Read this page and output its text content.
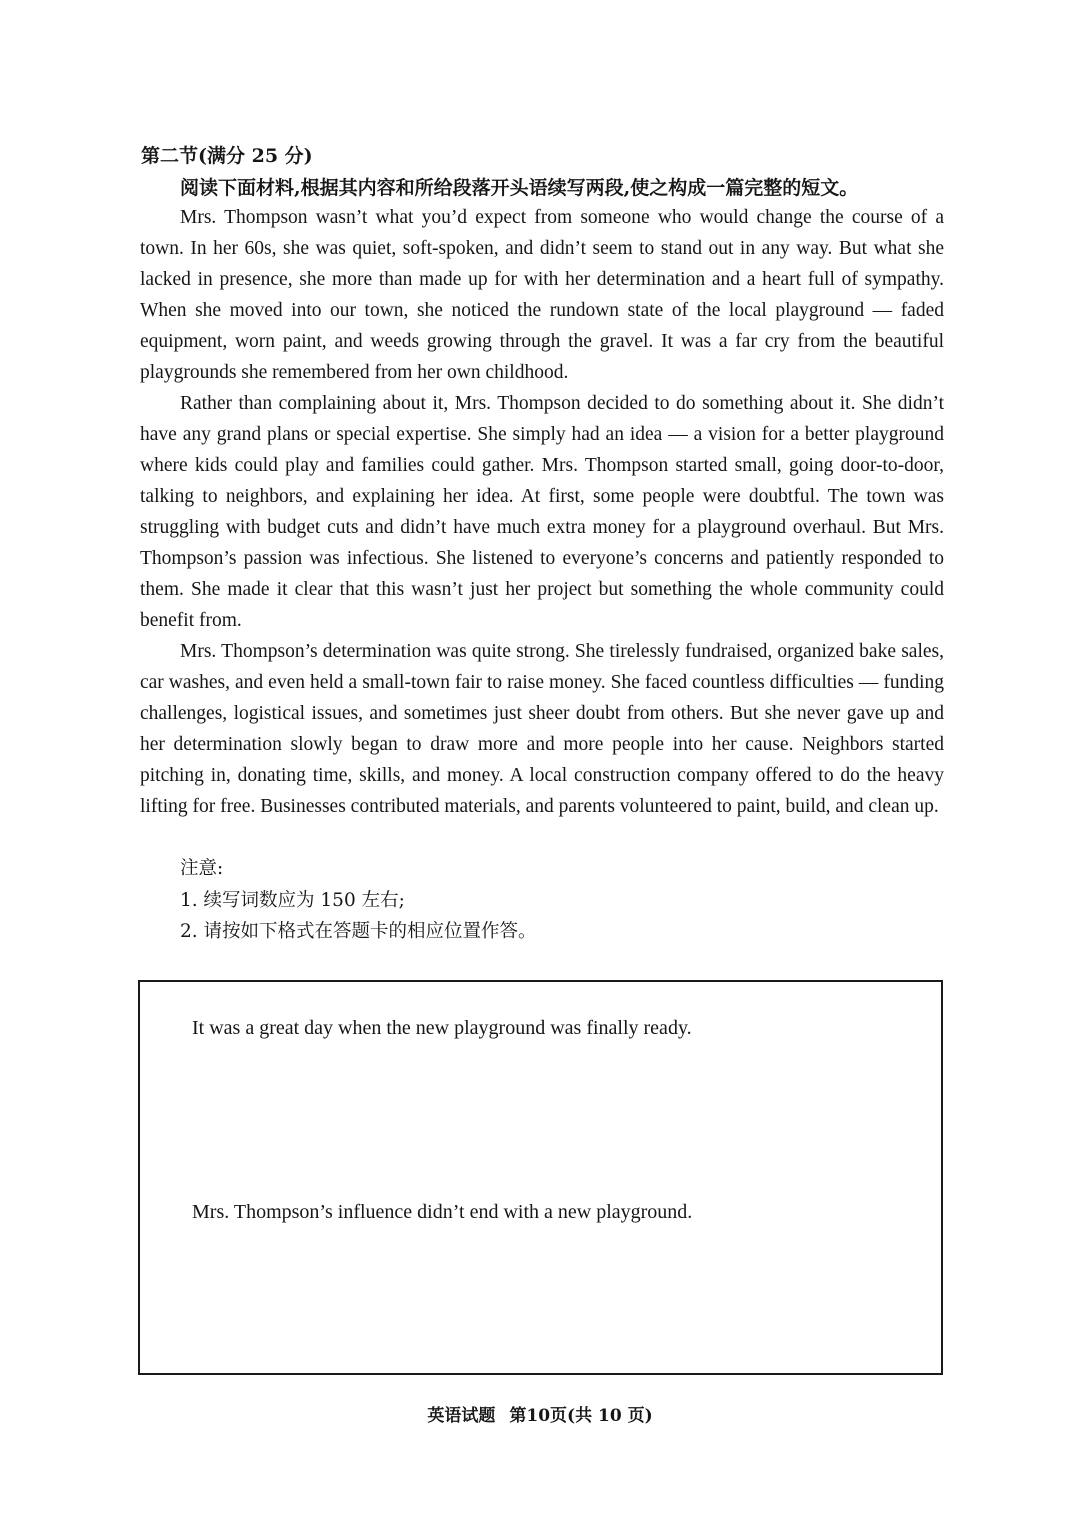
第二节(满分 25 分)
阅读下面材料,根据其内容和所给段落开头语续写两段,使之构成一篇完整的短文。

Mrs. Thompson wasn’t what you’d expect from someone who would change the course of a town. In her 60s, she was quiet, soft-spoken, and didn’t seem to stand out in any way. But what she lacked in presence, she more than made up for with her determination and a heart full of sympathy. When she moved into our town, she noticed the rundown state of the local playground — faded equipment, worn paint, and weeds growing through the gravel. It was a far cry from the beautiful playgrounds she remembered from her own childhood.

Rather than complaining about it, Mrs. Thompson decided to do something about it. She didn’t have any grand plans or special expertise. She simply had an idea — a vision for a better playground where kids could play and families could gather. Mrs. Thompson started small, going door-to-door, talking to neighbors, and explaining her idea. At first, some people were doubtful. The town was struggling with budget cuts and didn’t have much extra money for a playground overhaul. But Mrs. Thompson’s passion was infectious. She listened to everyone’s concerns and patiently responded to them. She made it clear that this wasn’t just her project but something the whole community could benefit from.

Mrs. Thompson’s determination was quite strong. She tirelessly fundraised, organized bake sales, car washes, and even held a small-town fair to raise money. She faced countless difficulties — funding challenges, logistical issues, and sometimes just sheer doubt from others. But she never gave up and her determination slowly began to draw more and more people into her cause. Neighbors started pitching in, donating time, skills, and money. A local construction company offered to do the heavy lifting for free. Businesses contributed materials, and parents volunteered to paint, build, and clean up.

注意:
1. 续写词数应为 150 左右;
2. 请按如下格式在答题卡的相应位置作答。
It was a great day when the new playground was finally ready.
Mrs. Thompson’s influence didn’t end with a new playground.
英语试题 第10页(共 10 页)
